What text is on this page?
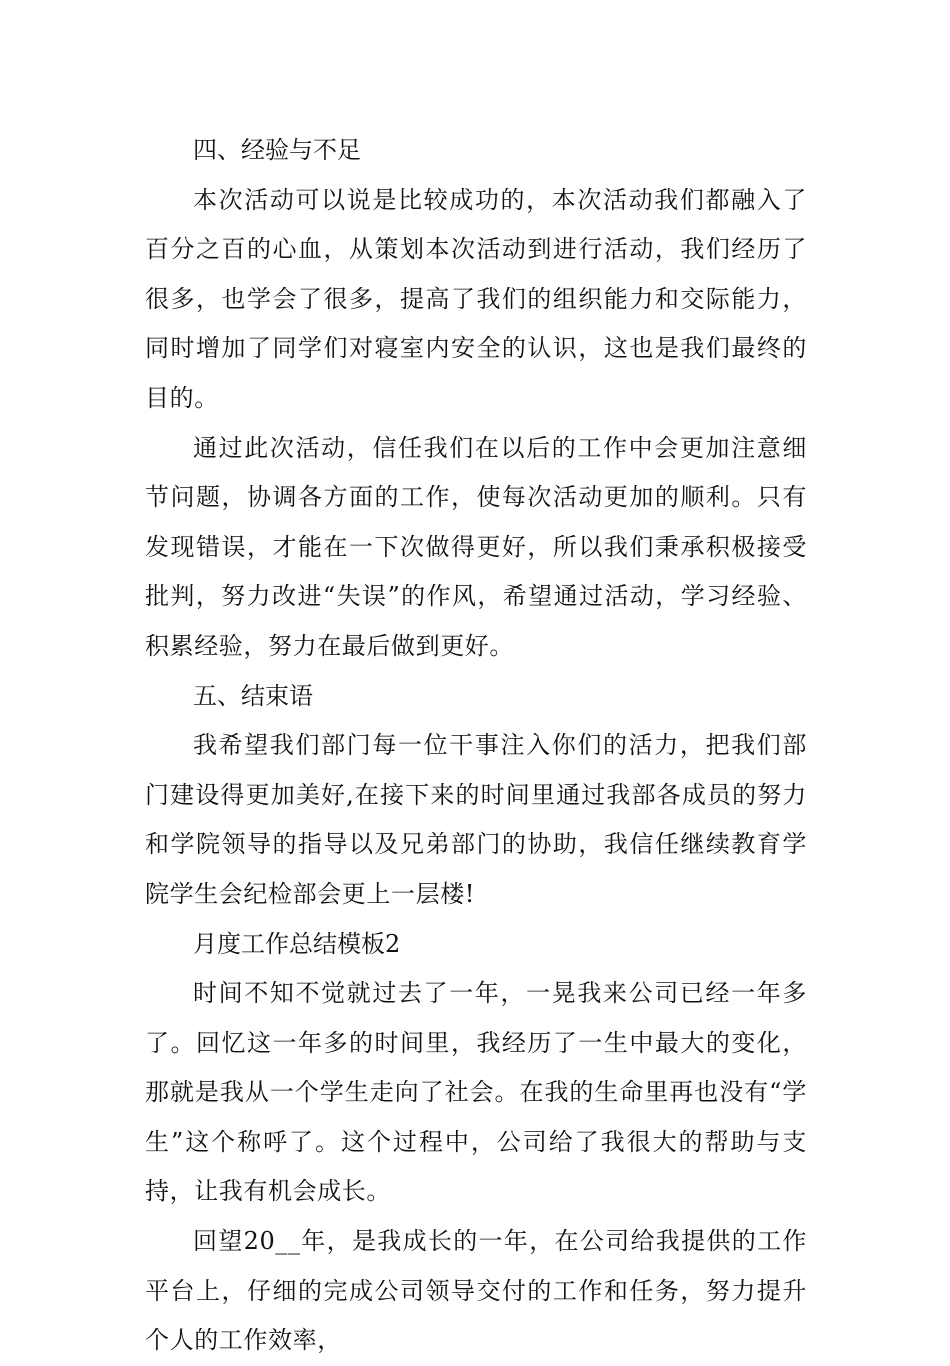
四、经验与不足

本次活动可以说是比较成功的，本次活动我们都融入了百分之百的心血，从策划本次活动到进行活动，我们经历了很多，也学会了很多，提高了我们的组织能力和交际能力，同时增加了同学们对寝室内安全的认识，这也是我们最终的目的。

通过此次活动，信任我们在以后的工作中会更加注意细节问题，协调各方面的工作，使每次活动更加的顺利。只有发现错误，才能在一下次做得更好，所以我们秉承积极接受批判，努力改进“失误”的作风，希望通过活动，学习经验、积累经验，努力在最后做到更好。

五、结束语

我希望我们部门每一位干事注入你们的活力，把我们部门建设得更加美好,在接下来的时间里通过我部各成员的努力和学院领导的指导以及兄弟部门的协助，我信任继续教育学院学生会纪检部会更上一层楼!

月度工作总结模板2

时间不知不觉就过去了一年，一晃我来公司已经一年多了。回忆这一年多的时间里，我经历了一生中最大的变化，那就是我从一个学生走向了社会。在我的生命里再也没有“学生”这个称呼了。这个过程中，公司给了我很大的帮助与支持，让我有机会成长。

回望20__年，是我成长的一年，在公司给我提供的工作平台上，仔细的完成公司领导交付的工作和任务，努力提升个人的工作效率，
